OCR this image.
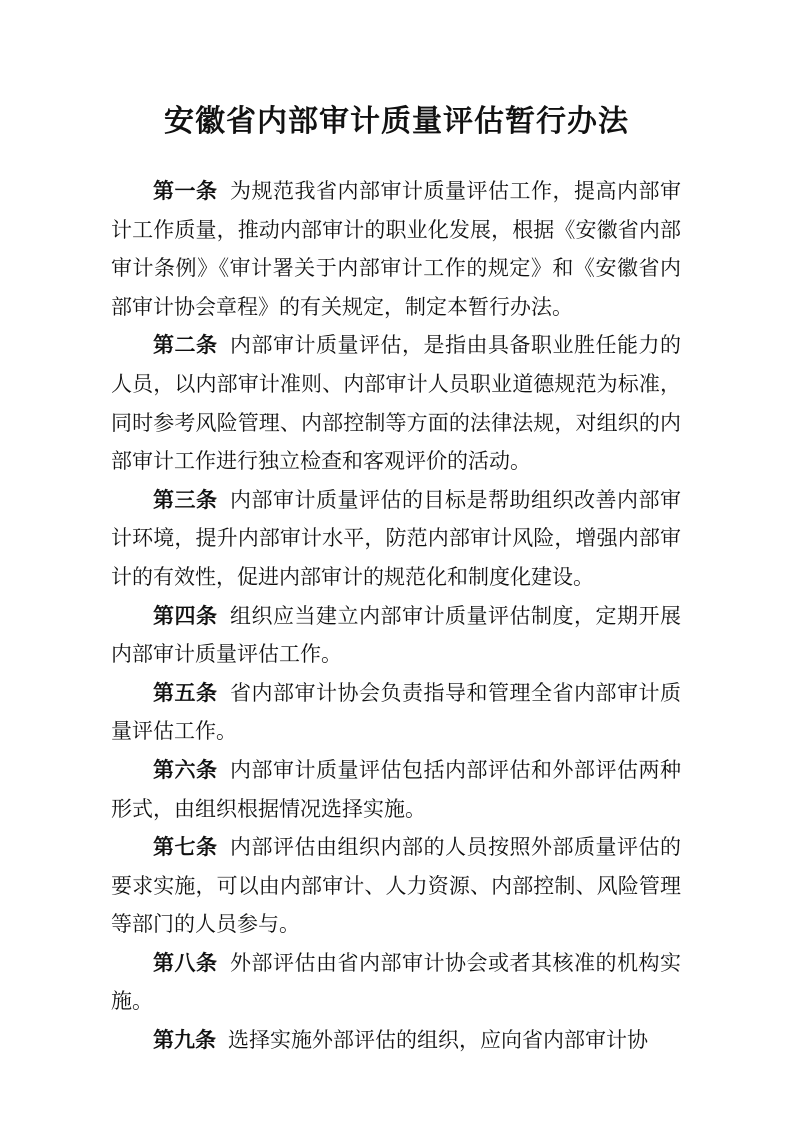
安徽省内部审计质量评估暂行办法

第一条 为规范我省内部审计质量评估工作，提高内部审计工作质量，推动内部审计的职业化发展，根据《安徽省内部审计条例》《审计署关于内部审计工作的规定》和《安徽省内部审计协会章程》的有关规定，制定本暂行办法。

第二条 内部审计质量评估，是指由具备职业胜任能力的人员，以内部审计准则、内部审计人员职业道德规范为标准，同时参考风险管理、内部控制等方面的法律法规，对组织的内部审计工作进行独立检查和客观评价的活动。

第三条 内部审计质量评估的目标是帮助组织改善内部审计环境，提升内部审计水平，防范内部审计风险，增强内部审计的有效性，促进内部审计的规范化和制度化建设。

第四条 组织应当建立内部审计质量评估制度，定期开展内部审计质量评估工作。

第五条 省内部审计协会负责指导和管理全省内部审计质量评估工作。

第六条 内部审计质量评估包括内部评估和外部评估两种形式，由组织根据情况选择实施。

第七条 内部评估由组织内部的人员按照外部质量评估的要求实施，可以由内部审计、人力资源、内部控制、风险管理等部门的人员参与。

第八条 外部评估由省内部审计协会或者其核准的机构实施。

第九条 选择实施外部评估的组织，应向省内部审计协
